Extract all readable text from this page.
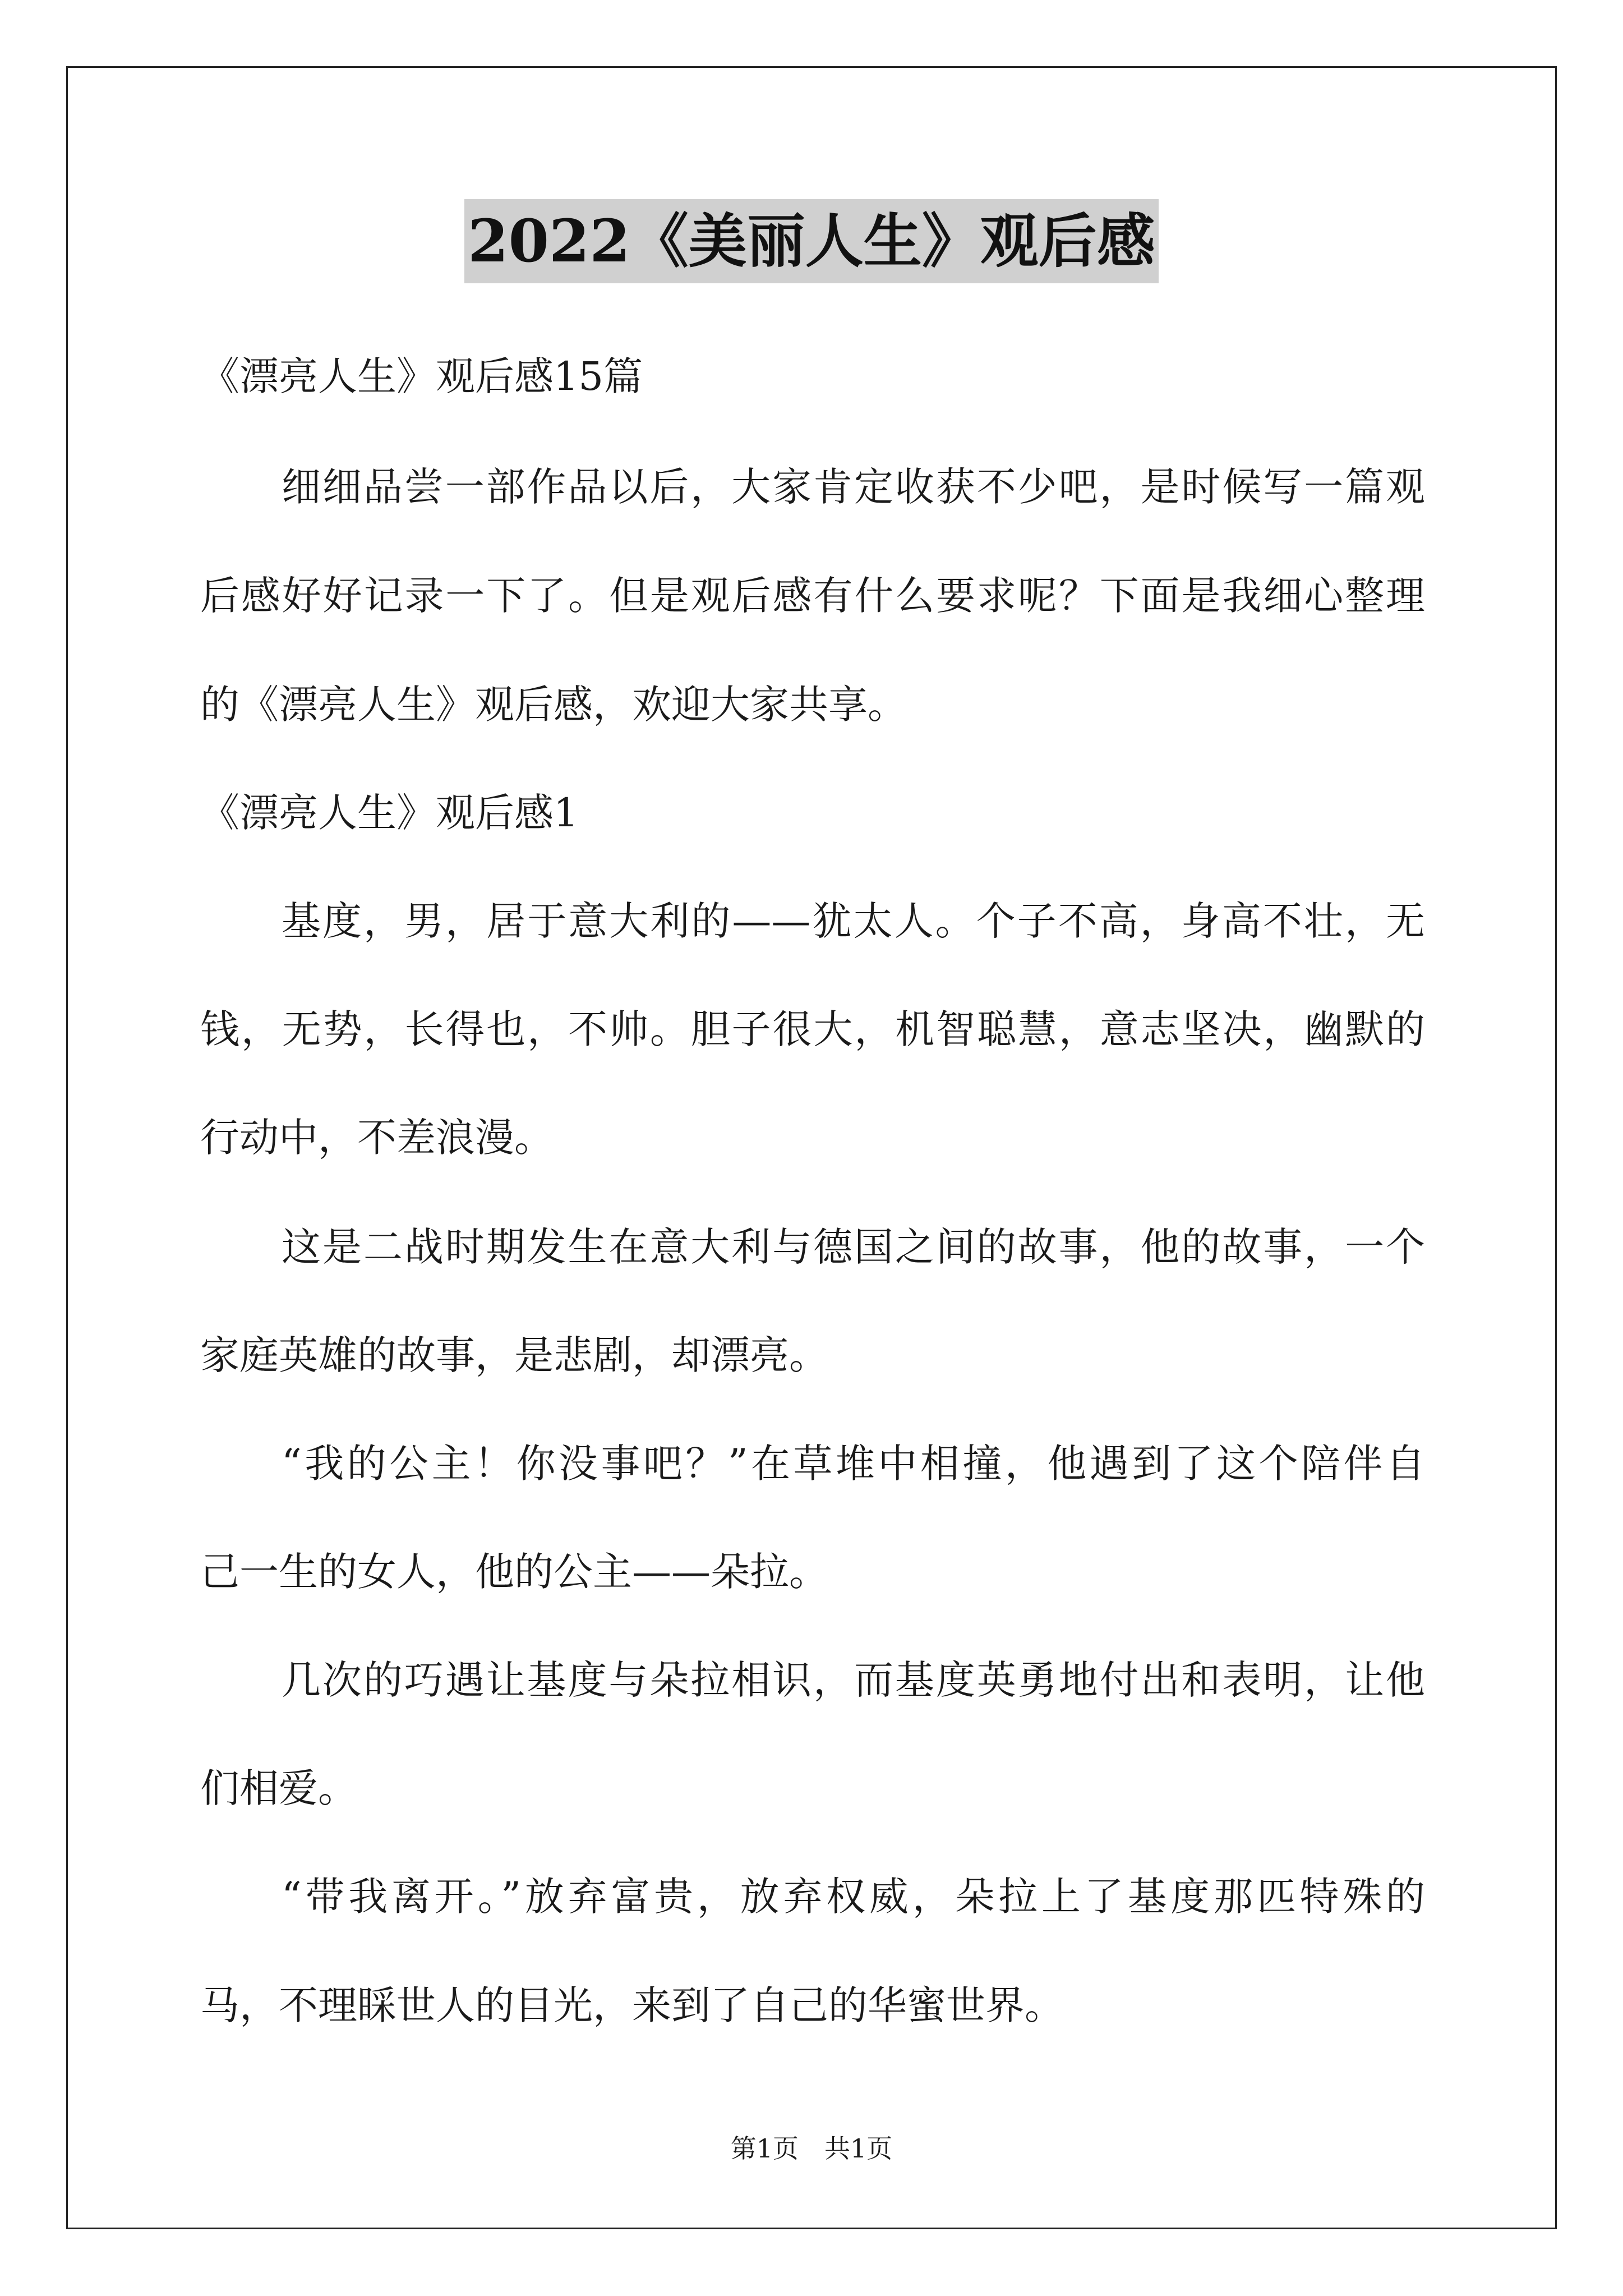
2022《美丽人生》观后感
《漂亮人生》观后感15篇
细细品尝一部作品以后，大家肯定收获不少吧，是时候写一篇观
后感好好记录一下了。但是观后感有什么要求呢？下面是我细心整理
的《漂亮人生》观后感，欢迎大家共享。
《漂亮人生》观后感1
基度，男，居于意大利的——犹太人。个子不高，身高不壮，无
钱，无势，长得也，不帅。胆子很大，机智聪慧，意志坚决，幽默的
行动中，不差浪漫。
这是二战时期发生在意大利与德国之间的故事，他的故事，一个
家庭英雄的故事，是悲剧，却漂亮。
“我的公主！你没事吧？”在草堆中相撞，他遇到了这个陪伴自
己一生的女人，他的公主——朵拉。
几次的巧遇让基度与朵拉相识，而基度英勇地付出和表明，让他
们相爱。
“带我离开。”放弃富贵，放弃权威，朵拉上了基度那匹特殊的
马，不理睬世人的目光，来到了自己的华蜜世界。
第1页　共1页
